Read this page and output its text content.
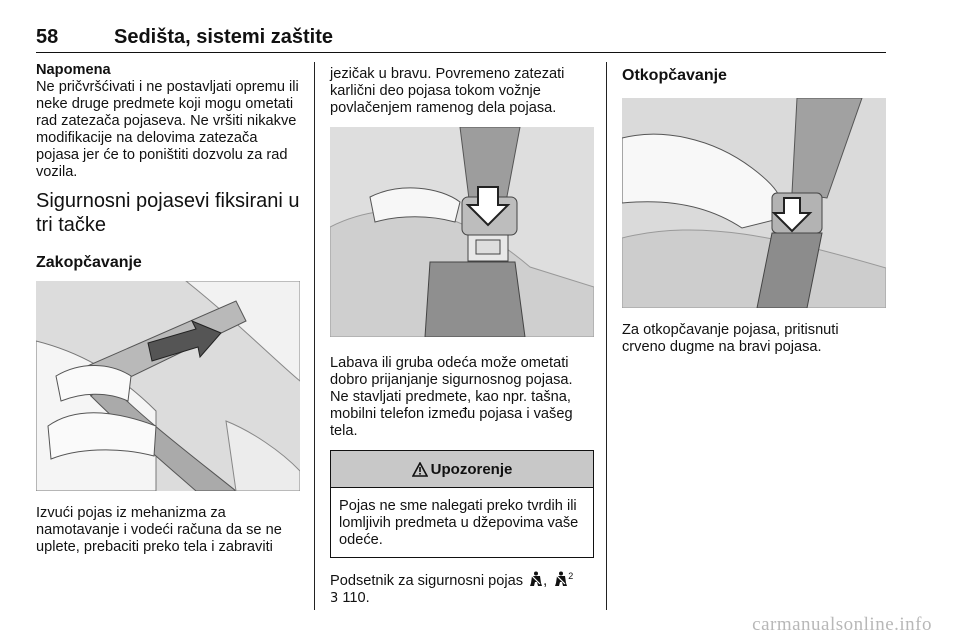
58	Sedišta, sistemi zaštite

Napomena

Ne pričvršćivati i ne postavljati opremu ili neke druge predmete koji mogu ometati rad zatezača pojaseva. Ne vršiti nikakve modifikacije na delovima zatezača pojasa jer će to poništiti dozvolu za rad vozila.

Sigurnosni pojasevi fiksirani u tri tačke
Zakopčavanje

Izvući pojas iz mehanizma za namotavanje i vodeći računa da se ne uplete, prebaciti preko tela i zabraviti

jezičak u bravu. Povremeno zatezati karlični deo pojasa tokom vožnje povlačenjem ramenog dela pojasa.

Labava ili gruba odeća može ometati dobro prijanjanje sigurnosnog pojasa. Ne stavljati predmete, kao npr. tašna, mobilni telefon između pojasa i vašeg tela.

Upozorenje
Pojas ne sme nalegati preko tvrdih ili lomljivih predmeta u džepovima vaše odeće.

Podsetnik za sigurnosni pojas , $^2$
3 110.

Otkopčavanje

Za otkopčavanje pojasa, pritisnuti crveno dugme na bravi pojasa.

carmanualsonline.info
